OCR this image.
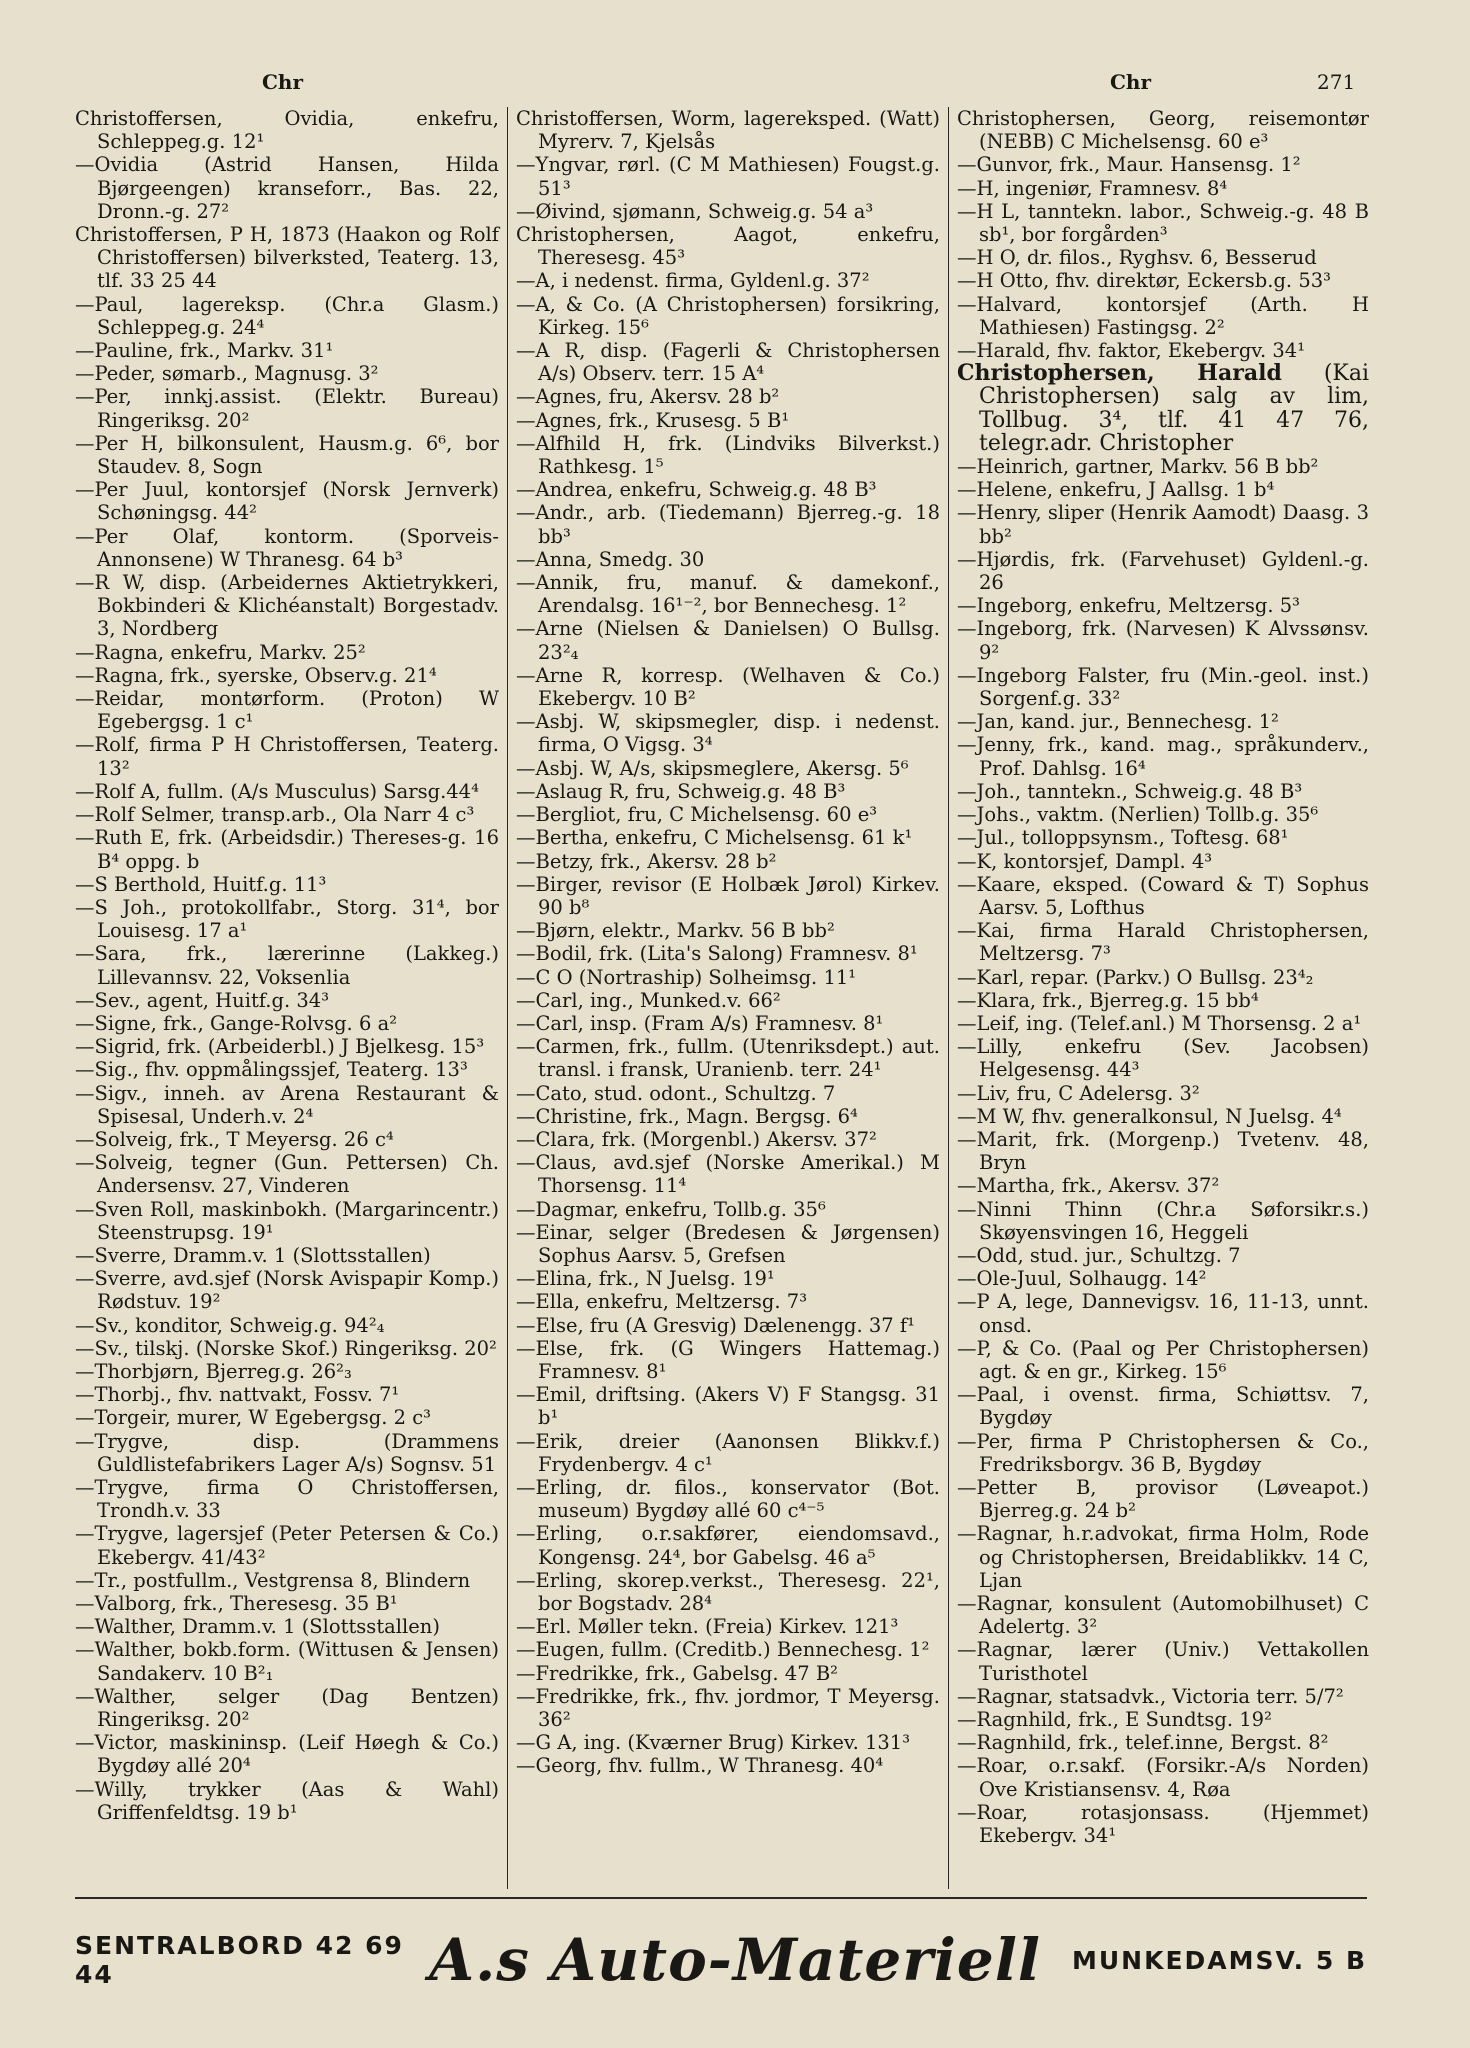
Chr	Chr	271
Christoffersen, Ovidia, enkefru, Schleppeg.g. 12¹
—Ovidia (Astrid Hansen, Hilda Bjørgeengen) kranseforr., Bas. 22, Dronn.-g. 27²
Christoffersen, P H, 1873 (Haakon og Rolf Christoffersen) bilverksted, Teaterg. 13, tlf. 33 25 44
—Paul, lagereksp. (Chr.a Glasm.) Schleppeg.g. 24⁴
—Pauline, frk., Markv. 31¹
—Peder, sømarb., Magnusg. 3²
—Per, innkj.assist. (Elektr. Bureau) Ringeriksg. 20²
—Per H, bilkonsulent, Hausm.g. 6⁶, bor Staudev. 8, Sogn
—Per Juul, kontorsjef (Norsk Jernverk) Schøningsg. 44²
—Per Olaf, kontorm. (Sporveis-Annonsene) W Thranesg. 64 b³
—R W, disp. (Arbeidernes Aktietrykkeri, Bokbinderi & Klichéanstalt) Borgestadv. 3, Nordberg
—Ragna, enkefru, Markv. 25²
—Ragna, frk., syerske, Observ.g. 21⁴
—Reidar, montørform. (Proton) W Egebergsg. 1 c¹
—Rolf, firma P H Christoffersen, Teaterg. 13²
—Rolf A, fullm. (A/s Musculus) Sarsg.44⁴
—Rolf Selmer, transp.arb., Ola Narr 4 c³
—Ruth E, frk. (Arbeidsdir.) Thereses-g. 16 B⁴ oppg. b
—S Berthold, Huitf.g. 11³
—S Joh., protokollfabr., Storg. 31⁴, bor Louisesg. 17 a¹
—Sara, frk., lærerinne (Lakkeg.) Lillevannsv. 22, Voksenlia
—Sev., agent, Huitf.g. 34³
—Signe, frk., Gange-Rolvsg. 6 a²
—Sigrid, frk. (Arbeiderbl.) J Bjelkesg. 15³
—Sig., fhv. oppmålingssjef, Teaterg. 13³
—Sigv., inneh. av Arena Restaurant & Spisesal, Underh.v. 2⁴
—Solveig, frk., T Meyersg. 26 c⁴
—Solveig, tegner (Gun. Pettersen) Ch. Andersensv. 27, Vinderen
—Sven Roll, maskinbokh. (Margarincentr.) Steenstrupsg. 19¹
—Sverre, Dramm.v. 1 (Slottsstallen)
—Sverre, avd.sjef (Norsk Avispapir Komp.) Rødstuv. 19²
—Sv., konditor, Schweig.g. 94²₄
—Sv., tilskj. (Norske Skof.) Ringeriksg. 20²
—Thorbjørn, Bjerreg.g. 26²₃
—Thorbj., fhv. nattvakt, Fossv. 7¹
—Torgeir, murer, W Egebergsg. 2 c³
—Trygve, disp. (Drammens Guldlistefabrikers Lager A/s) Sognsv. 51
—Trygve, firma O Christoffersen, Trondh.v. 33
—Trygve, lagersjef (Peter Petersen & Co.) Ekebergv. 41/43²
—Tr., postfullm., Vestgrensa 8, Blindern
—Valborg, frk., Theresesg. 35 B¹
—Walther, Dramm.v. 1 (Slottsstallen)
—Walther, bokb.form. (Wittusen & Jensen) Sandakerv. 10 B²₁
—Walther, selger (Dag Bentzen) Ringeriksg. 20²
—Victor, maskininsp. (Leif Høegh & Co.) Bygdøy allé 20⁴
—Willy, trykker (Aas & Wahl) Griffenfeldtsg. 19 b¹
Christoffersen, Worm, lagereksped. (Watt) Myrerv. 7, Kjelsås
—Yngvar, rørl. (C M Mathiesen) Fougst.g. 51³
—Øivind, sjømann, Schweig.g. 54 a³
Christophersen, Aagot, enkefru, Theresesg. 45³
—A, i nedenst. firma, Gyldenl.g. 37²
—A, & Co. (A Christophersen) forsikring, Kirkeg. 15⁶
—A R, disp. (Fagerli & Christophersen A/s) Observ. terr. 15 A⁴
—Agnes, fru, Akersv. 28 b²
—Agnes, frk., Krusesg. 5 B¹
—Alfhild H, frk. (Lindviks Bilverkst.) Rathkesg. 1⁵
—Andrea, enkefru, Schweig.g. 48 B³
—Andr., arb. (Tiedemann) Bjerreg.-g. 18 bb³
—Anna, Smedg. 30
—Annik, fru, manuf. & damekonf., Arendalsg. 16¹⁻², bor Bennechesg. 1²
—Arne (Nielsen & Danielsen) O Bullsg. 23²₄
—Arne R, korresp. (Welhaven & Co.) Ekebergv. 10 B²
—Asbj. W, skipsmegler, disp. i nedenst. firma, O Vigsg. 3⁴
—Asbj. W, A/s, skipsmeglere, Akersg. 5⁶
—Aslaug R, fru, Schweig.g. 48 B³
—Bergliot, fru, C Michelsensg. 60 e³
—Bertha, enkefru, C Michelsensg. 61 k¹
—Betzy, frk., Akersv. 28 b²
—Birger, revisor (E Holbæk Jørol) Kirkev. 90 b⁸
—Bjørn, elektr., Markv. 56 B bb²
—Bodil, frk. (Lita's Salong) Framnesv. 8¹
—C O (Nortraship) Solheimsg. 11¹
—Carl, ing., Munked.v. 66²
—Carl, insp. (Fram A/s) Framnesv. 8¹
—Carmen, frk., fullm. (Utenriksdept.) aut. transl. i fransk, Uranienb. terr. 24¹
—Cato, stud. odont., Schultzg. 7
—Christine, frk., Magn. Bergsg. 6⁴
—Clara, frk. (Morgenbl.) Akersv. 37²
—Claus, avd.sjef (Norske Amerikal.) M Thorsensg. 11⁴
—Dagmar, enkefru, Tollb.g. 35⁶
—Einar, selger (Bredesen & Jørgensen) Sophus Aarsv. 5, Grefsen
—Elina, frk., N Juelsg. 19¹
—Ella, enkefru, Meltzersg. 7³
—Else, fru (A Gresvig) Dælenengg. 37 f¹
—Else, frk. (G Wingers Hattemag.) Framnesv. 8¹
—Emil, driftsing. (Akers V) F Stangsg. 31 b¹
—Erik, dreier (Aanonsen Blikkv.f.) Frydenbergv. 4 c¹
—Erling, dr. filos., konservator (Bot. museum) Bygdøy allé 60 c⁴⁻⁵
—Erling, o.r.sakfører, eiendomsavd., Kongensg. 24⁴, bor Gabelsg. 46 a⁵
—Erling, skorep.verkst., Theresesg. 22¹, bor Bogstadv. 28⁴
—Erl. Møller tekn. (Freia) Kirkev. 121³
—Eugen, fullm. (Creditb.) Bennechesg. 1²
—Fredrikke, frk., Gabelsg. 47 B²
—Fredrikke, frk., fhv. jordmor, T Meyersg. 36²
—G A, ing. (Kværner Brug) Kirkev. 131³
—Georg, fhv. fullm., W Thranesg. 40⁴
Christophersen, Georg, reisemontør (NEBB) C Michelsensg. 60 e³
—Gunvor, frk., Maur. Hansensg. 1²
—H, ingeniør, Framnesv. 8⁴
—H L, tanntekn. labor., Schweig.-g. 48 B sb¹, bor forgården³
—H O, dr. filos., Ryghsv. 6, Besserud
—H Otto, fhv. direktør, Eckersb.g. 53³
—Halvard, kontorsjef (Arth. H Mathiesen) Fastingsg. 2²
—Harald, fhv. faktor, Ekebergv. 34¹
Christophersen, Harald (Kai Christophersen) salg av lim, Tollbug. 3⁴, tlf. 41 47 76, telegr.adr. Christopher
—Heinrich, gartner, Markv. 56 B bb²
—Helene, enkefru, J Aallsg. 1 b⁴
—Henry, sliper (Henrik Aamodt) Daasg. 3 bb²
—Hjørdis, frk. (Farvehuset) Gyldenl.-g. 26
—Ingeborg, enkefru, Meltzersg. 5³
—Ingeborg, frk. (Narvesen) K Alvssønsv. 9²
—Ingeborg Falster, fru (Min.-geol. inst.) Sorgenf.g. 33²
—Jan, kand. jur., Bennechesg. 1²
—Jenny, frk., kand. mag., språkunderv., Prof. Dahlsg. 16⁴
—Joh., tanntekn., Schweig.g. 48 B³
—Johs., vaktm. (Nerlien) Tollb.g. 35⁶
—Jul., tolloppsynsm., Toftesg. 68¹
—K, kontorsjef, Dampl. 4³
—Kaare, eksped. (Coward & T) Sophus Aarsv. 5, Lofthus
—Kai, firma Harald Christophersen, Meltzersg. 7³
—Karl, repar. (Parkv.) O Bullsg. 23⁴₂
—Klara, frk., Bjerreg.g. 15 bb⁴
—Leif, ing. (Telef.anl.) M Thorsensg. 2 a¹
—Lilly, enkefru (Sev. Jacobsen) Helgesensg. 44³
—Liv, fru, C Adelersg. 3²
—M W, fhv. generalkonsul, N Juelsg. 4⁴
—Marit, frk. (Morgenp.) Tvetenv. 48, Bryn
—Martha, frk., Akersv. 37²
—Ninni Thinn (Chr.a Søforsikr.s.) Skøyensvingen 16, Heggeli
—Odd, stud. jur., Schultzg. 7
—Ole-Juul, Solhaugg. 14²
—P A, lege, Dannevigsv. 16, 11-13, unnt. onsd.
—P, & Co. (Paal og Per Christophersen) agt. & en gr., Kirkeg. 15⁶
—Paal, i ovenst. firma, Schiøttsv. 7, Bygdøy
—Per, firma P Christophersen & Co., Fredriksborgv. 36 B, Bygdøy
—Petter B, provisor (Løveapot.) Bjerreg.g. 24 b²
—Ragnar, h.r.advokat, firma Holm, Rode og Christophersen, Breidablikkv. 14 C, Ljan
—Ragnar, konsulent (Automobilhuset) C Adelertg. 3²
—Ragnar, lærer (Univ.) Vettakollen Turisthotel
—Ragnar, statsadvk., Victoria terr. 5/7²
—Ragnhild, frk., E Sundtsg. 19²
—Ragnhild, frk., telef.inne, Bergst. 8²
—Roar, o.r.sakf. (Forsikr.-A/s Norden) Ove Kristiansensv. 4, Røa
—Roar, rotasjonsass. (Hjemmet) Ekebergv. 34¹
SENTRALBORD 42 69 44	A.s Auto-Materiell	MUNKEDAMSV. 5 B
